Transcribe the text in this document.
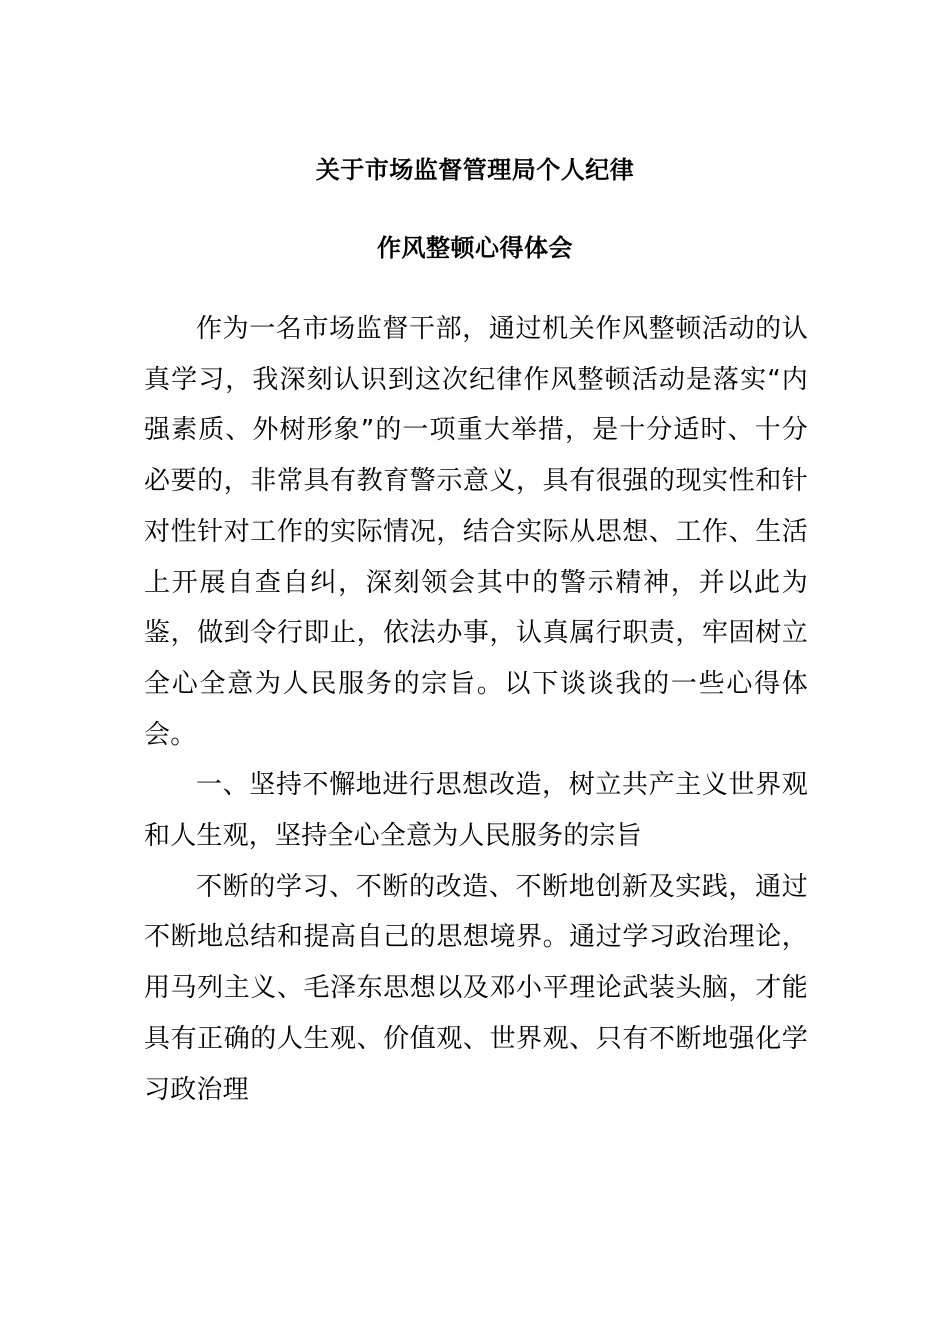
关于市场监督管理局个人纪律
作风整顿心得体会

作为一名市场监督干部，通过机关作风整顿活动的认真学习，我深刻认识到这次纪律作风整顿活动是落实“内强素质、外树形象”的一项重大举措，是十分适时、十分必要的，非常具有教育警示意义，具有很强的现实性和针对性针对工作的实际情况，结合实际从思想、工作、生活上开展自查自纠，深刻领会其中的警示精神，并以此为鉴，做到令行即止，依法办事，认真属行职责，牢固树立全心全意为人民服务的宗旨。以下谈谈我的一些心得体会。

一、坚持不懈地进行思想改造，树立共产主义世界观和人生观，坚持全心全意为人民服务的宗旨

不断的学习、不断的改造、不断地创新及实践，通过不断地总结和提高自己的思想境界。通过学习政治理论，用马列主义、毛泽东思想以及邓小平理论武装头脑，才能具有正确的人生观、价值观、世界观、只有不断地强化学习政治理
